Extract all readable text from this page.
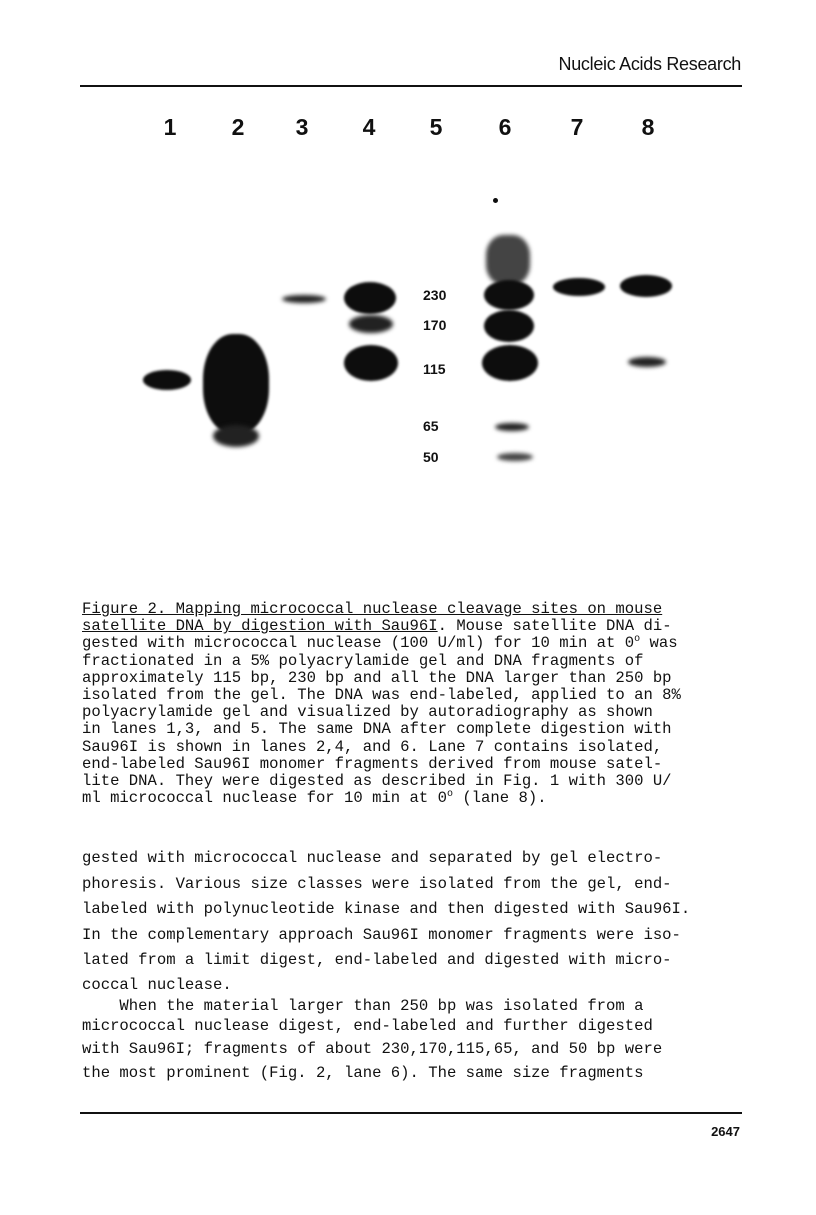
Nucleic Acids Research
1 2 3 4 5 6	7	8
230
170
115
65
50
Figure 2. Mapping micrococcal nuclease cleavage sites on mouse
satellite DNA by digestion with Sau96I. Mouse satellite DNA di-
gested with micrococcal nuclease (100 U/ml) for 10 min at 0$^o$ was
fractionated in a 5% polyacrylamide gel and DNA fragments of
approximately 115 bp, 230 bp and all the DNA larger than 250 bp
isolated from the gel. The DNA was end-labeled, applied to an 8%
polyacrylamide gel and visualized by autoradiography as shown
in lanes 1,3, and 5. The same DNA after complete digestion with
Sau96I is shown in lanes 2,4, and 6. Lane 7 contains isolated,
end-labeled Sau96I monomer fragments derived from mouse satel-
lite DNA. They were digested as described in Fig. 1 with 300 U/
ml micrococcal nuclease for 10 min at 0$^o$ (lane 8).
gested with micrococcal nuclease and separated by gel electro-
phoresis. Various size classes were isolated from the gel, end-
labeled with polynucleotide kinase and then digested with Sau96I.
In the complementary approach Sau96I monomer fragments were iso-
lated from a limit digest, end-labeled and digested with micro-
coccal nuclease.
When the material larger than 250 bp was isolated from a
micrococcal nuclease digest, end-labeled and further digested
with Sau96I; fragments of about 230,170,115,65, and 50 bp were
the most prominent (Fig. 2, lane 6). The same size fragments
2647
